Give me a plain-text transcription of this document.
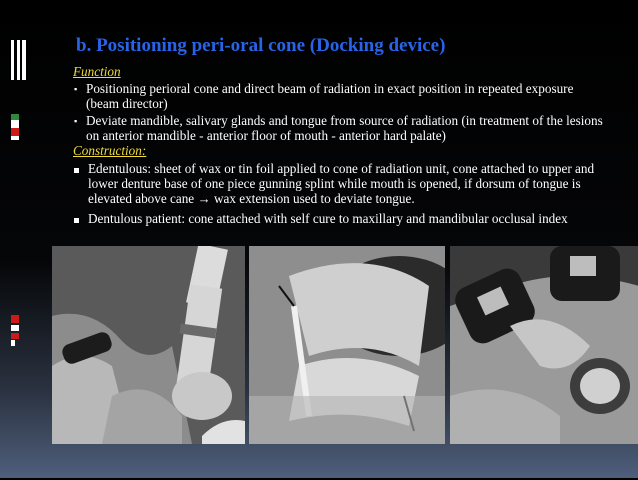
b. Positioning peri-oral cone (Docking device)
Function
▪ Positioning perioral cone and direct beam of radiation in exact position in repeated exposure (beam director)
▪ Deviate mandible, salivary glands and tongue from source of radiation (in treatment of the lesions on anterior mandible - anterior floor of mouth - anterior hard palate)
Construction:
Edentulous: sheet of wax or tin foil applied to cone of radiation unit, cone attached to upper and lower denture base of one piece gunning splint while mouth is opened, if dorsum of tongue is elevated above cane → wax extension used to deviate tongue.
Dentulous patient: cone attached with self cure to maxillary and mandibular occlusal index
